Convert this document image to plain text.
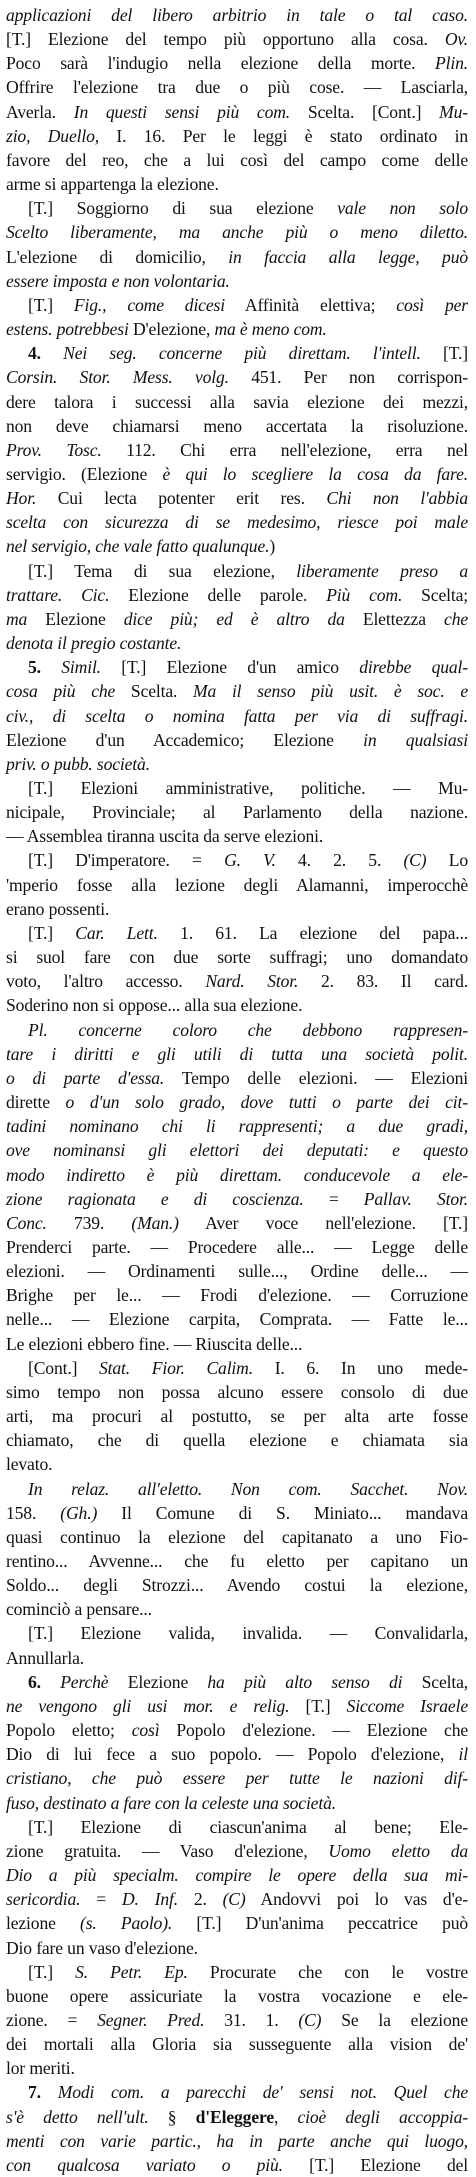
applicazioni del libero arbitrio in tale o tal caso.
[T.] Elezione del tempo più opportuno alla cosa. Ov.
Poco sarà l'indugio nella elezione della morte. Plin.
Offrire l'elezione tra due o più cose. — Lasciarla,
Averla. In questi sensi più com. Scelta. [Cont.] Mu-
zio, Duello, I. 16. Per le leggi è stato ordinato in
favore del reo, che a lui così del campo come delle
arme si appartenga la elezione.
[T.] Soggiorno di sua elezione vale non solo
Scelto liberamente, ma anche più o meno diletto.
L'elezione di domicilio, in faccia alla legge, può
essere imposta e non volontaria.
[T.] Fig., come dicesi Affinità elettiva; così per
estens. potrebbesi D'elezione, ma è meno com.
4. Nei seg. concerne più direttam. l'intell. [T.]
Corsin. Stor. Mess. volg. 451. Per non corrispon-
dere talora i successi alla savia elezione dei mezzi,
non deve chiamarsi meno accertata la risoluzione.
Prov. Tosc. 112. Chi erra nell'elezione, erra nel
servigio. (Elezione è qui lo scegliere la cosa da fare.
Hor. Cui lecta potenter erit res. Chi non l'abbia
scelta con sicurezza di se medesimo, riesce poi male
nel servigio, che vale fatto qualunque.)
[T.] Tema di sua elezione, liberamente preso a
trattare. Cic. Elezione delle parole. Più com. Scelta;
ma Elezione dice più; ed è altro da Elettezza che
denota il pregio costante.
5. Simil. [T.] Elezione d'un amico direbbe qual-
cosa più che Scelta. Ma il senso più usit. è soc. e
civ., di scelta o nomina fatta per via di suffragi.
Elezione d'un Accademico; Elezione in qualsiasi
priv. o pubb. società.
[T.] Elezioni amministrative, politiche. — Mu-
nicipale, Provinciale; al Parlamento della nazione.
— Assemblea tiranna uscita da serve elezioni.
[T.] D'imperatore. = G. V. 4. 2. 5. (C) Lo
'mperio fosse alla lezione degli Alamanni, imperocchè
erano possenti.
[T.] Car. Lett. 1. 61. La elezione del papa...
si suol fare con due sorte suffragi; uno domandato
voto, l'altro accesso. Nard. Stor. 2. 83. Il card.
Soderino non si oppose... alla sua elezione.
Pl. concerne coloro che debbono rappresen-
tare i diritti e gli utili di tutta una società polit.
o di parte d'essa. Tempo delle elezioni. — Elezioni
dirette o d'un solo grado, dove tutti o parte dei cit-
tadini nominano chi li rappresenti; a due gradi,
ove nominansi gli elettori dei deputati: e questo
modo indiretto è più direttam. conducevole a ele-
zione ragionata e di coscienza. = Pallav. Stor.
Conc. 739. (Man.) Aver voce nell'elezione. [T.]
Prenderci parte. — Procedere alle... — Legge delle
elezioni. — Ordinamenti sulle..., Ordine delle... —
Brighe per le... — Frodi d'elezione. — Corruzione
nelle... — Elezione carpita, Comprata. — Fatte le...
Le elezioni ebbero fine. — Riuscita delle...
[Cont.] Stat. Fior. Calim. I. 6. In uno mede-
simo tempo non possa alcuno essere consolo di due
arti, ma procuri al postutto, se per alta arte fosse
chiamato, che di quella elezione e chiamata sia
levato.
In relaz. all'eletto. Non com. Sacchet. Nov.
158. (Gh.) Il Comune di S. Miniato... mandava
quasi continuo la elezione del capitanato a uno Fio-
rentino... Avvenne... che fu eletto per capitano un
Soldo... degli Strozzi... Avendo costui la elezione,
cominciò a pensare...
[T.] Elezione valida, invalida. — Convalidarla,
Annullarla.
6. Perchè Elezione ha più alto senso di Scelta,
ne vengono gli usi mor. e relig. [T.] Siccome Israele
Popolo eletto; così Popolo d'elezione. — Elezione che
Dio di lui fece a suo popolo. — Popolo d'elezione, il
cristiano, che può essere per tutte le nazioni dif-
fuso, destinato a fare con la celeste una società.
[T.] Elezione di ciascun'anima al bene; Ele-
zione gratuita. — Vaso d'elezione, Uomo eletto da
Dio a più specialm. compire le opere della sua mi-
sericordia. = D. Inf. 2. (C) Andovvi poi lo vas d'e-
lezione (s. Paolo). [T.] D'un'anima peccatrice può
Dio fare un vaso d'elezione.
[T.] S. Petr. Ep. Procurate che con le vostre
buone opere assicuriate la vostra vocazione e ele-
zione. = Segner. Pred. 31. 1. (C) Se la elezione
dei mortali alla Gloria sia susseguente alla vision de'
lor meriti.
7. Modi com. a parecchi de' sensi not. Quel che
s'è detto nell'ult. § d'Eleggere, cioè degli accoppia-
menti con varie partic., ha in parte anche qui luogo,
con qualcosa variato o più. [T.] Elezione del
